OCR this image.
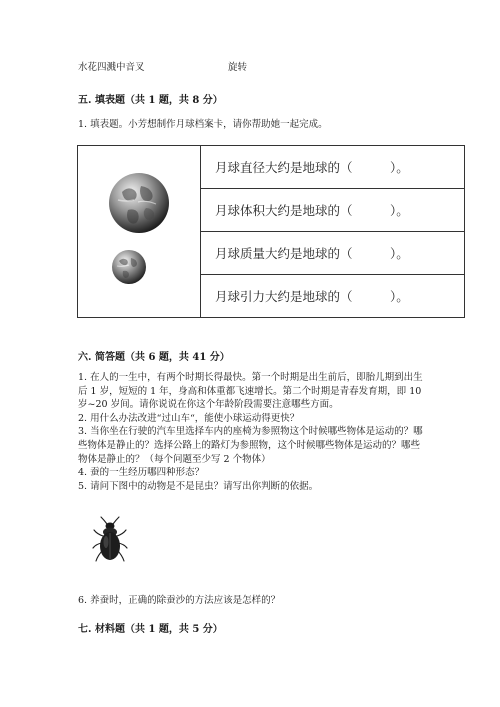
水花四溅中音叉	旋转
五. 填表题（共 1 题，共 8 分）
1. 填表题。小芳想制作月球档案卡，请你帮助她一起完成。
	月球直径大约是地球的（　　　）。
月球体积大约是地球的（　　　）。
月球质量大约是地球的（　　　）。
月球引力大约是地球的（　　　）。
六. 简答题（共 6 题，共 41 分）

1. 在人的一生中，有两个时期长得最快。第一个时期是出生前后，即胎儿期到出生后 1 岁，短短的 1 年，身高和体重都飞速增长。第二个时期是青春发育期，即 10 岁~20 岁间。请你说说在你这个年龄阶段需要注意哪些方面。

2. 用什么办法改进“过山车“，能使小球运动得更快？

3. 当你坐在行驶的汽车里选择车内的座椅为参照物这个时候哪些物体是运动的？哪些物体是静止的？选择公路上的路灯为参照物，这个时候哪些物体是运动的？哪些物体是静止的？（每个问题至少写 2 个物体）

4. 蚕的一生经历哪四种形态？

5. 请问下图中的动物是不是昆虫？请写出你判断的依据。

6. 养蚕时，正确的除蚕沙的方法应该是怎样的？
七. 材料题（共 1 题，共 5 分）
